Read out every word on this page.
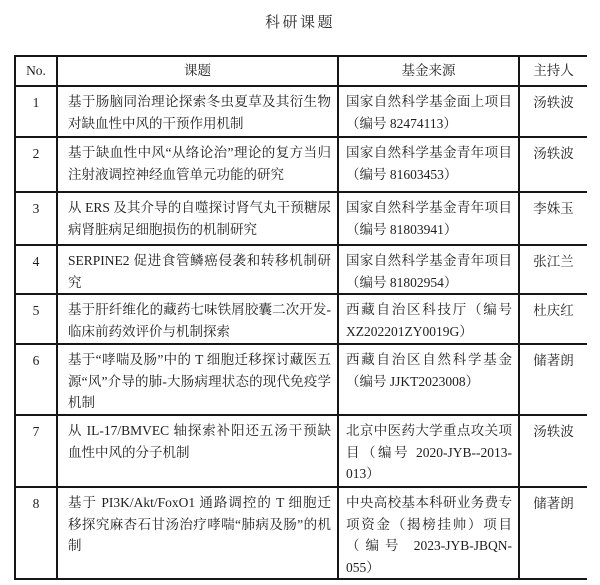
科研课题
No.	课题	基金来源	主持人
1	基于肠脑同治理论探索冬虫夏草及其衍生物对缺血性中风的干预作用机制	国家自然科学基金面上项目（编号 82474113）	汤轶波
2	基于缺血性中风“从络论治”理论的复方当归注射液调控神经血管单元功能的研究	国家自然科学基金青年项目（编号 81603453）	汤轶波
3	从 ERS 及其介导的自噬探讨肾气丸干预糖尿病肾脏病足细胞损伤的机制研究	国家自然科学基金青年项目（编号 81803941）	李姝玉
4	SERPINE2 促进食管鳞癌侵袭和转移机制研究	国家自然科学基金青年项目（编号 81802954）	张江兰
5	基于肝纤维化的藏药七味铁屑胶囊二次开发-临床前药效评价与机制探索	西藏自治区科技厅（编号 XZ202201ZY0019G）	杜庆红
6	基于“哮喘及肠”中的 T 细胞迁移探讨藏医五源“风”介导的肺-大肠病理状态的现代免疫学机制	西藏自治区自然科学基金（编号 JJKT2023008）	储著朗
7	从 IL-17/BMVEC 轴探索补阳还五汤干预缺血性中风的分子机制	北京中医药大学重点攻关项目（编号 2020-JYB--2013-013）	汤轶波
8	基于 PI3K/Akt/FoxO1 通路调控的 T 细胞迁移探究麻杏石甘汤治疗哮喘“肺病及肠”的机制	中央高校基本科研业务费专项资金（揭榜挂帅）项目（编号 2023-JYB-JBQN-055）	储著朗
